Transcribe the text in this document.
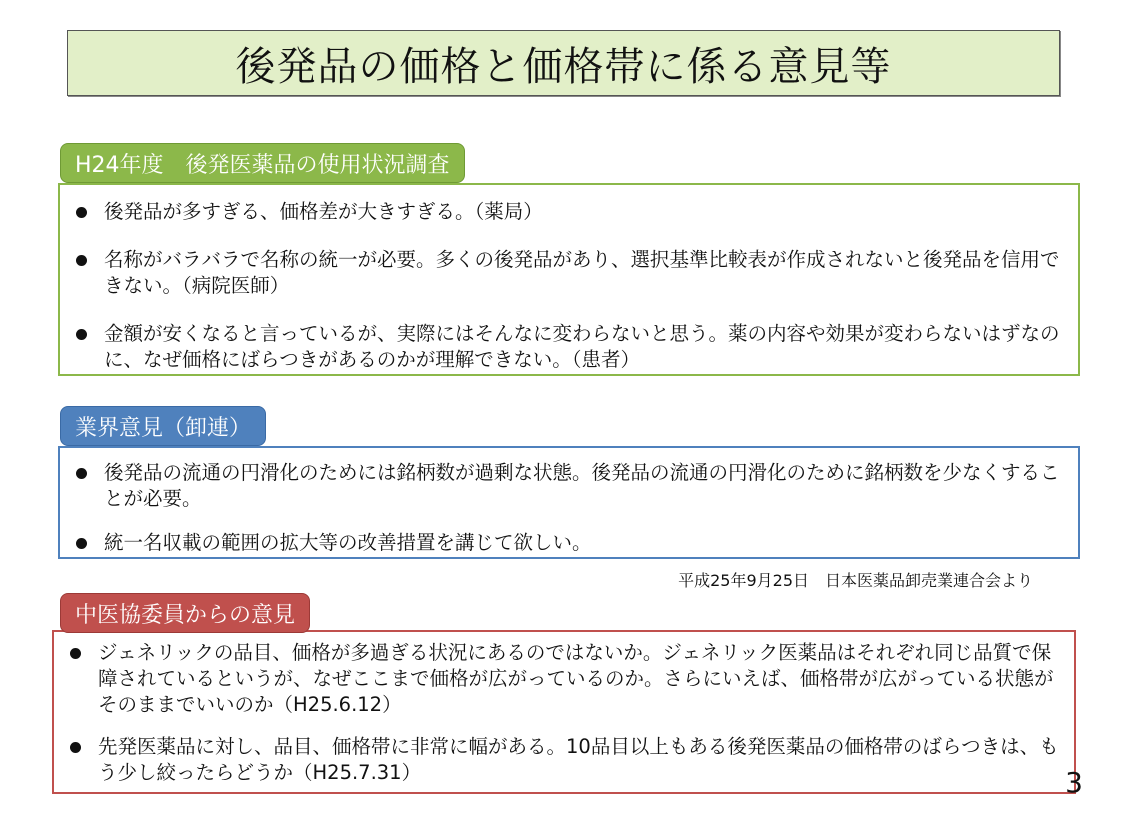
後発品の価格と価格帯に係る意見等
H24年度　後発医薬品の使用状況調査
後発品が多すぎる、価格差が大きすぎる。（薬局）
名称がバラバラで名称の統一が必要。多くの後発品があり、選択基準比較表が作成されないと後発品を信用できない。（病院医師）
金額が安くなると言っているが、実際にはそんなに変わらないと思う。薬の内容や効果が変わらないはずなのに、なぜ価格にばらつきがあるのかが理解できない。（患者）
業界意見（卸連）
後発品の流通の円滑化のためには銘柄数が過剰な状態。後発品の流通の円滑化のために銘柄数を少なくすることが必要。
統一名収載の範囲の拡大等の改善措置を講じて欲しい。
平成25年9月25日　日本医薬品卸売業連合会より
中医協委員からの意見
ジェネリックの品目、価格が多過ぎる状況にあるのではないか。ジェネリック医薬品はそれぞれ同じ品質で保障されているというが、なぜここまで価格が広がっているのか。さらにいえば、価格帯が広がっている状態がそのままでいいのか（H25.6.12）
先発医薬品に対し、品目、価格帯に非常に幅がある。10品目以上もある後発医薬品の価格帯のばらつきは、もう少し絞ったらどうか（H25.7.31）	3
